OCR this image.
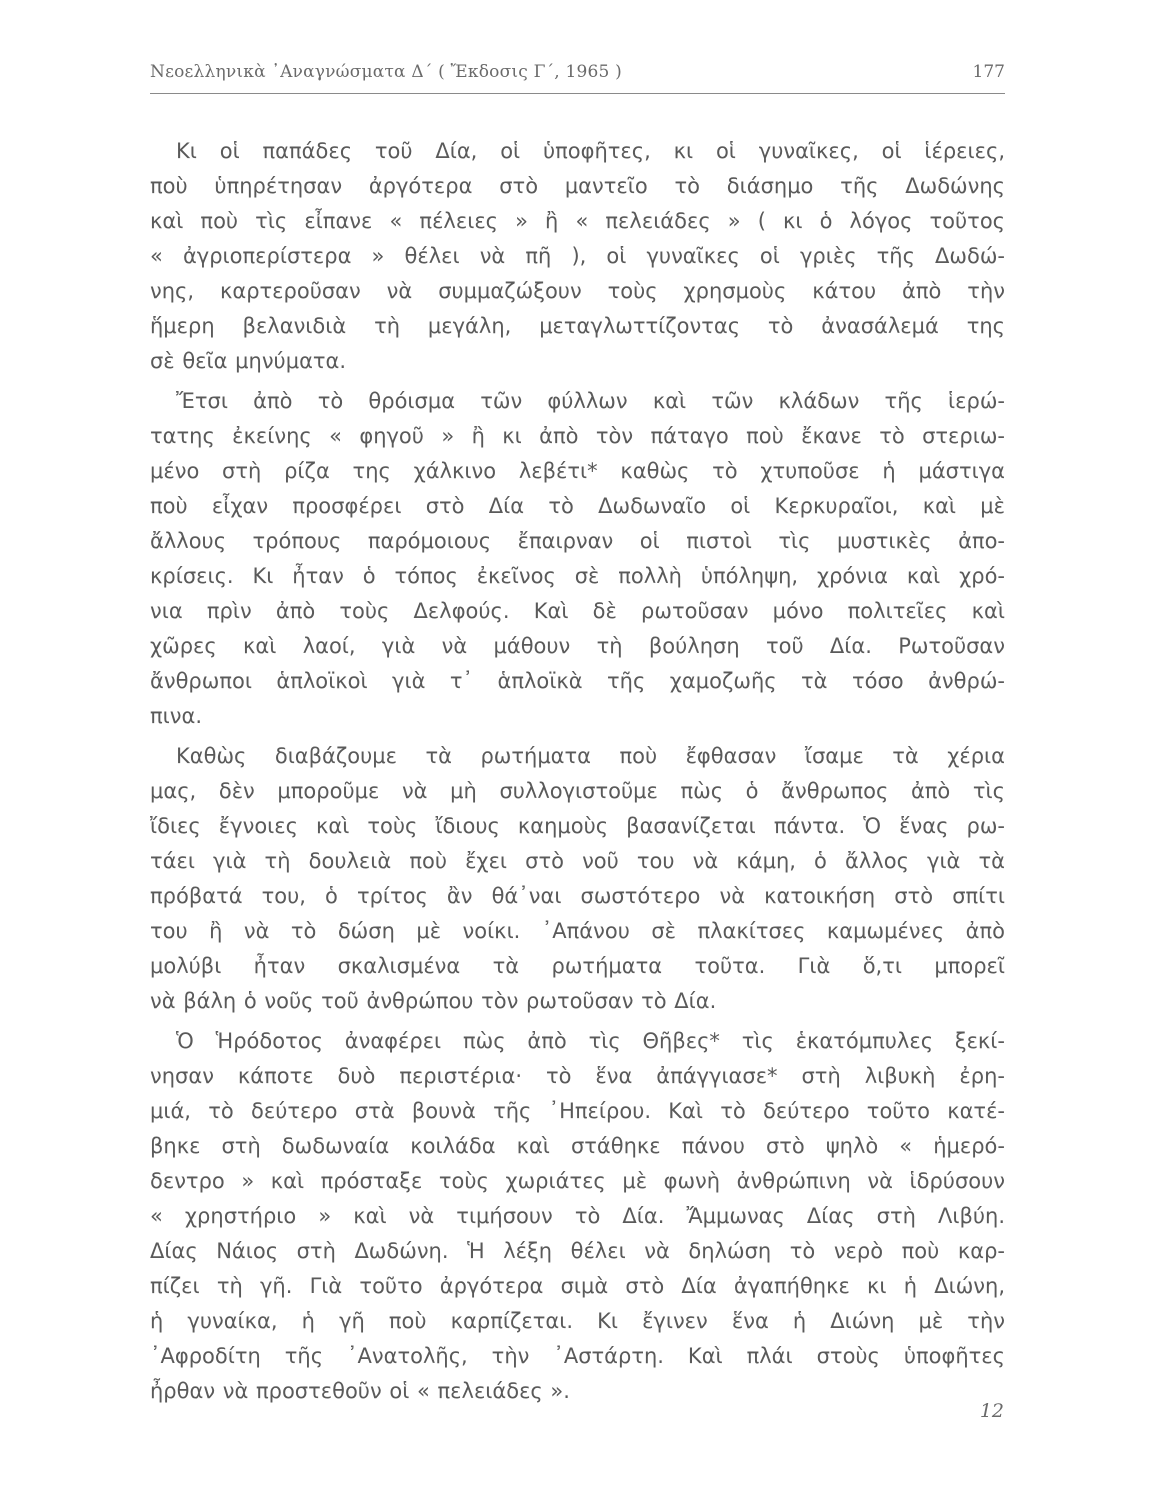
Νεοελληνικὰ ᾿Αναγνώσματα Δ΄ ( Ἔκδοσις Γ΄, 1965 )	177
Κι οἱ παπάδες τοῦ Δία, οἱ ὑποφῆτες, κι οἱ γυναῖκες, οἱ ἱέρειες,
ποὺ ὑπηρέτησαν ἀργότερα στὸ μαντεῖο τὸ διάσημο τῆς Δωδώνης
καὶ ποὺ τὶς εἶπανε « πέλειες » ἢ « πελειάδες » ( κι ὁ λόγος τοῦτος
« ἀγριοπερίστερα » θέλει νὰ πῆ ), οἱ γυναῖκες οἱ γριὲς τῆς Δωδώ-
νης, καρτεροῦσαν νὰ συμμαζώξουν τοὺς χρησμοὺς κάτου ἀπὸ τὴν
ἥμερη βελανιδιὰ τὴ μεγάλη, μεταγλωττίζοντας τὸ ἀνασάλεμά της
σὲ θεῖα μηνύματα.
Ἔτσι ἀπὸ τὸ θρόισμα τῶν φύλλων καὶ τῶν κλάδων τῆς ἱερώ-
τατης ἐκείνης « φηγοῦ » ἢ κι ἀπὸ τὸν πάταγο ποὺ ἔκανε τὸ στεριω-
μένο στὴ ρίζα της χάλκινο λεβέτι* καθὼς τὸ χτυποῦσε ἡ μάστιγα
ποὺ εἶχαν προσφέρει στὸ Δία τὸ Δωδωναῖο οἱ Κερκυραῖοι, καὶ μὲ
ἄλλους τρόπους παρόμοιους ἔπαιρναν οἱ πιστοὶ τὶς μυστικὲς ἀπο-
κρίσεις. Κι ἦταν ὁ τόπος ἐκεῖνος σὲ πολλὴ ὑπόληψη, χρόνια καὶ χρό-
νια πρὶν ἀπὸ τοὺς Δελφούς. Καὶ δὲ ρωτοῦσαν μόνο πολιτεῖες καὶ
χῶρες καὶ λαοί, γιὰ νὰ μάθουν τὴ βούληση τοῦ Δία. Ρωτοῦσαν
ἄνθρωποι ἁπλοϊκοὶ γιὰ τ᾿ ἁπλοϊκὰ τῆς χαμοζωῆς τὰ τόσο ἀνθρώ-
πινα.
Καθὼς διαβάζουμε τὰ ρωτήματα ποὺ ἔφθασαν ἴσαμε τὰ χέρια
μας, δὲν μποροῦμε νὰ μὴ συλλογιστοῦμε πὼς ὁ ἄνθρωπος ἀπὸ τὶς
ἴδιες ἔγνοιες καὶ τοὺς ἴδιους καημοὺς βασανίζεται πάντα. Ὁ ἕνας ρω-
τάει γιὰ τὴ δουλειὰ ποὺ ἔχει στὸ νοῦ του νὰ κάμη, ὁ ἄλλος γιὰ τὰ
πρόβατά του, ὁ τρίτος ἂν θά᾿ναι σωστότερο νὰ κατοικήση στὸ σπίτι
του ἢ νὰ τὸ δώση μὲ νοίκι. ᾿Απάνου σὲ πλακίτσες καμωμένες ἀπὸ
μολύβι ἦταν σκαλισμένα τὰ ρωτήματα τοῦτα. Γιὰ ὅ,τι μπορεῖ
νὰ βάλη ὁ νοῦς τοῦ ἀνθρώπου τὸν ρωτοῦσαν τὸ Δία.
Ὁ Ἡρόδοτος ἀναφέρει πὼς ἀπὸ τὶς Θῆβες* τὶς ἑκατόμπυλες ξεκί-
νησαν κάποτε δυὸ περιστέρια· τὸ ἕνα ἀπάγγιασε* στὴ λιβυκὴ ἐρη-
μιά, τὸ δεύτερο στὰ βουνὰ τῆς ᾿Ηπείρου. Καὶ τὸ δεύτερο τοῦτο κατέ-
βηκε στὴ δωδωναία κοιλάδα καὶ στάθηκε πάνου στὸ ψηλὸ « ἡμερό-
δεντρο » καὶ πρόσταξε τοὺς χωριάτες μὲ φωνὴ ἀνθρώπινη νὰ ἱδρύσουν
« χρηστήριο » καὶ νὰ τιμήσουν τὸ Δία. Ἄμμωνας Δίας στὴ Λιβύη.
Δίας Νάιος στὴ Δωδώνη. Ἡ λέξη θέλει νὰ δηλώση τὸ νερὸ ποὺ καρ-
πίζει τὴ γῆ. Γιὰ τοῦτο ἀργότερα σιμὰ στὸ Δία ἀγαπήθηκε κι ἡ Διώνη,
ἡ γυναίκα, ἡ γῆ ποὺ καρπίζεται. Κι ἔγινεν ἕνα ἡ Διώνη μὲ τὴν
᾿Αφροδίτη τῆς ᾿Ανατολῆς, τὴν ᾿Αστάρτη. Καὶ πλάι στοὺς ὑποφῆτες
ἦρθαν νὰ προστεθοῦν οἱ « πελειάδες ».
12
